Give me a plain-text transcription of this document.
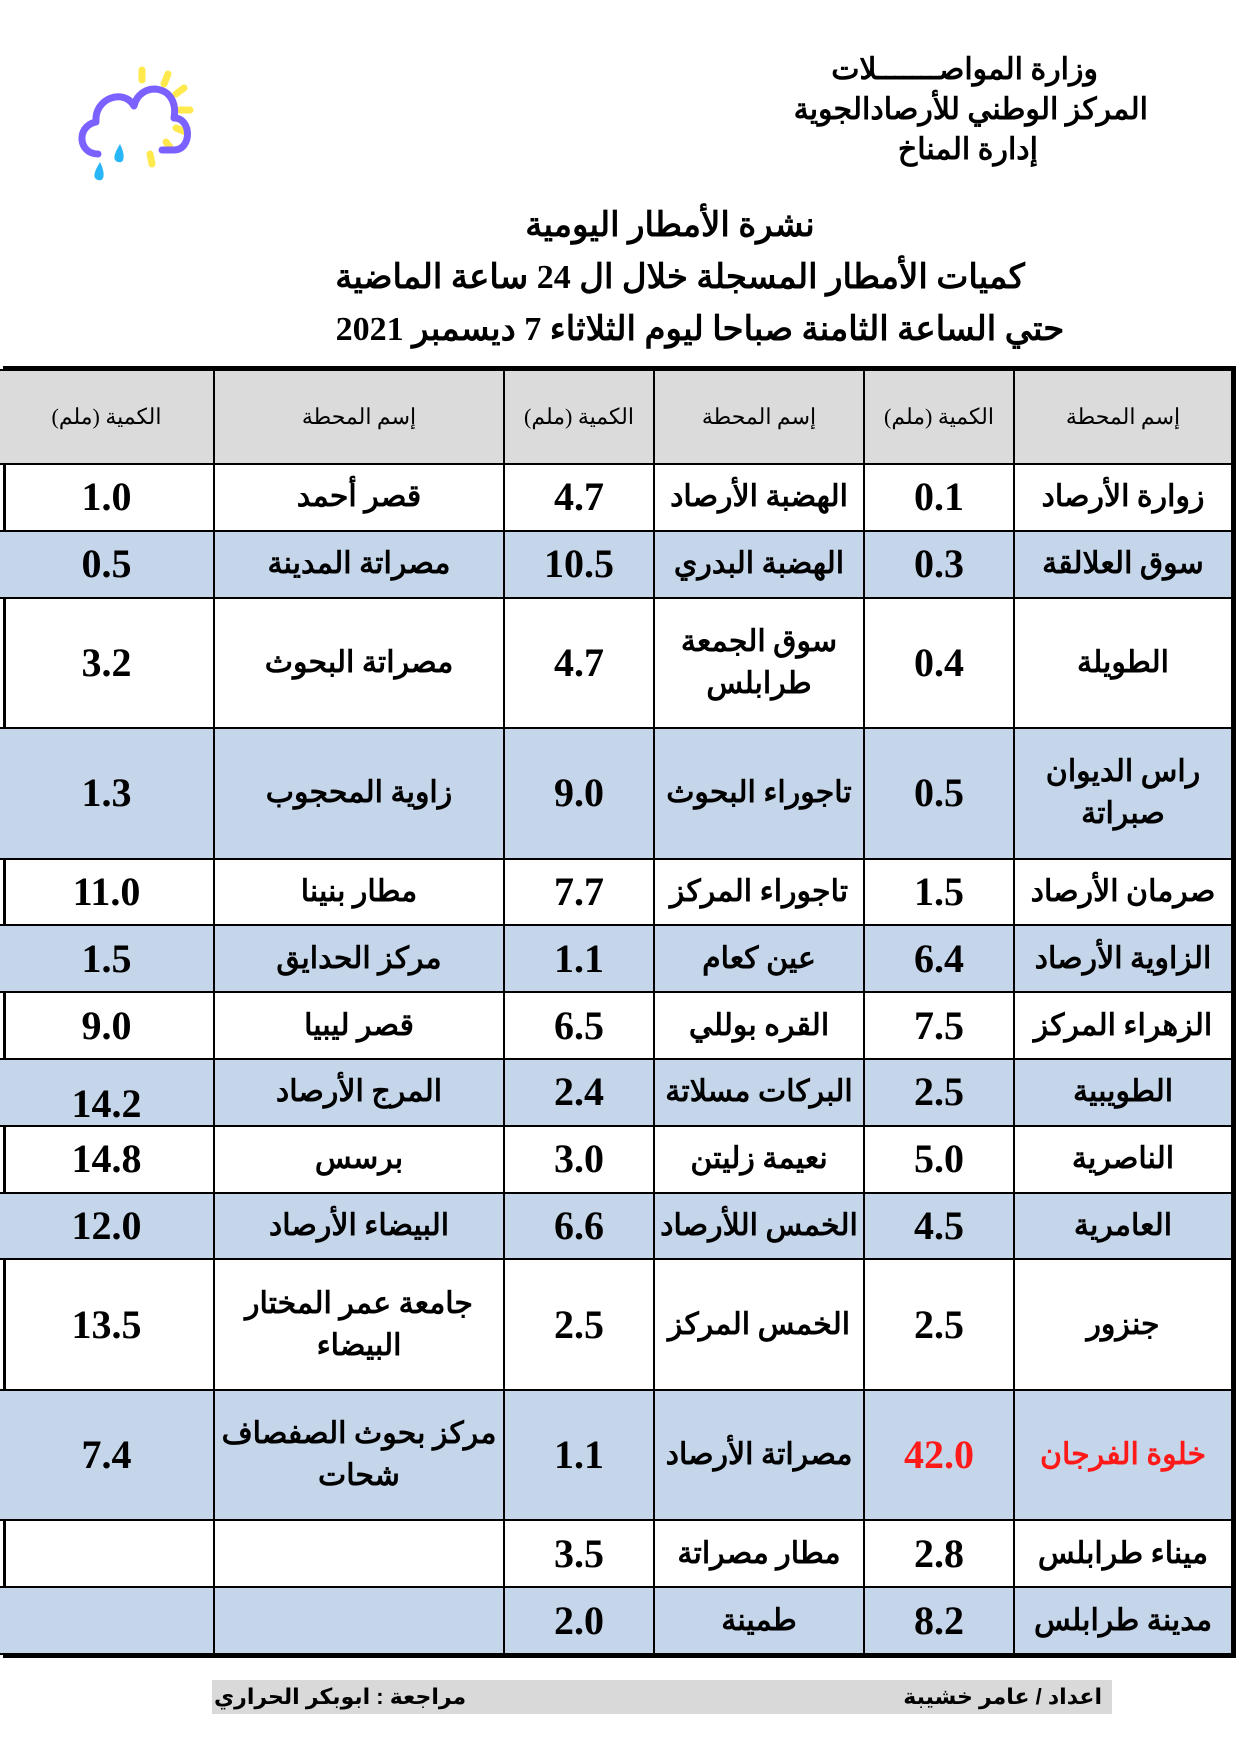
وزارة المواصـــــــلات
المركز الوطني للأرصادالجوية
إدارة المناخ
نشرة الأمطار اليومية
كميات الأمطار المسجلة خلال ال 24 ساعة الماضية
حتي الساعة الثامنة صباحا ليوم الثلاثاء 7 ديسمبر 2021
إسم المحطة	الكمية (ملم)	إسم المحطة	الكمية (ملم)	إسم المحطة	الكمية (ملم)
زوارة الأرصاد	0.1	الهضبة الأرصاد	4.7	قصر أحمد	1.0
سوق العلالقة	0.3	الهضبة البدري	10.5	مصراتة المدينة	0.5
الطويلة	0.4	سوق الجمعة طرابلس	4.7	مصراتة البحوث	3.2
راس الديوان صبراتة	0.5	تاجوراء البحوث	9.0	زاوية المحجوب	1.3
صرمان الأرصاد	1.5	تاجوراء المركز	7.7	مطار بنينا	11.0
الزاوية الأرصاد	6.4	عين كعام	1.1	مركز الحدايق	1.5
الزهراء المركز	7.5	القره بوللي	6.5	قصر ليبيا	9.0
الطويبية	2.5	البركات مسلاتة	2.4	المرج الأرصاد	14.2
الناصرية	5.0	نعيمة زليتن	3.0	برسس	14.8
العامرية	4.5	الخمس اللأرصاد	6.6	البيضاء الأرصاد	12.0
جنزور	2.5	الخمس المركز	2.5	جامعة عمر المختار البيضاء	13.5
خلوة الفرجان	42.0	مصراتة الأرصاد	1.1	مركز بحوث الصفصاف شحات	7.4
ميناء طرابلس	2.8	مطار مصراتة	3.5		
مدينة طرابلس	8.2	طمينة	2.0		
اعداد / عامر خشيبة
مراجعة : ابوبكر الحراري
